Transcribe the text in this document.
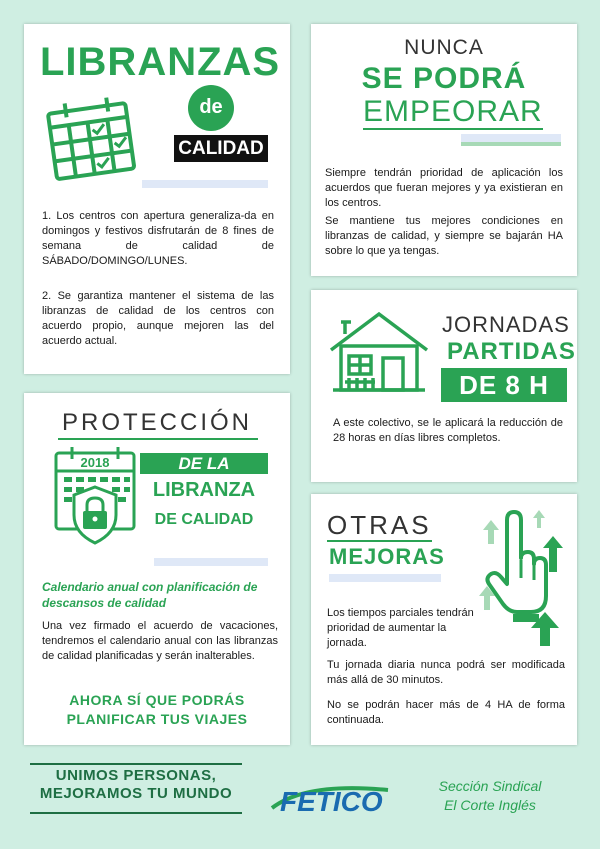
LIBRANZAS
de
CALIDAD

1. Los centros con apertura generaliza-da en domingos y festivos disfrutarán de 8 fines de semana de calidad de SÁBADO/DOMINGO/LUNES.

2. Se garantiza mantener el sistema de las libranzas de calidad de los centros con acuerdo propio, aunque mejoren las del acuerdo actual.

NUNCA
SE PODRÁ
EMPEORAR

Siempre tendrán prioridad de aplicación los acuerdos que fueran mejores y ya existieran en los centros.

Se mantiene tus mejores condiciones en libranzas de calidad, y siempre se bajarán HA sobre lo que ya tengas.

JORNADAS
PARTIDAS
DE 8 H

A este colectivo, se le aplicará la reducción de 28 horas en días libres completos.

PROTECCIÓN
2018	DE LA
LIBRANZA
DE CALIDAD

Calendario anual con planificación de descansos de calidad

Una vez firmado el acuerdo de vacaciones, tendremos el calendario anual con las libranzas de calidad planificadas y serán inalterables.

AHORA SÍ QUE PODRÁS
PLANIFICAR TUS VIAJES
OTRAS
MEJORAS

Los tiempos parciales tendrán prioridad de aumentar la jornada.

Tu jornada diaria nunca podrá ser modificada más allá de 30 minutos.

No se podrán hacer más de 4 HA de forma continuada.

UNIMOS PERSONAS,
MEJORAMOS TU MUNDO	FETICO	Sección Sindical
El Corte Inglés
